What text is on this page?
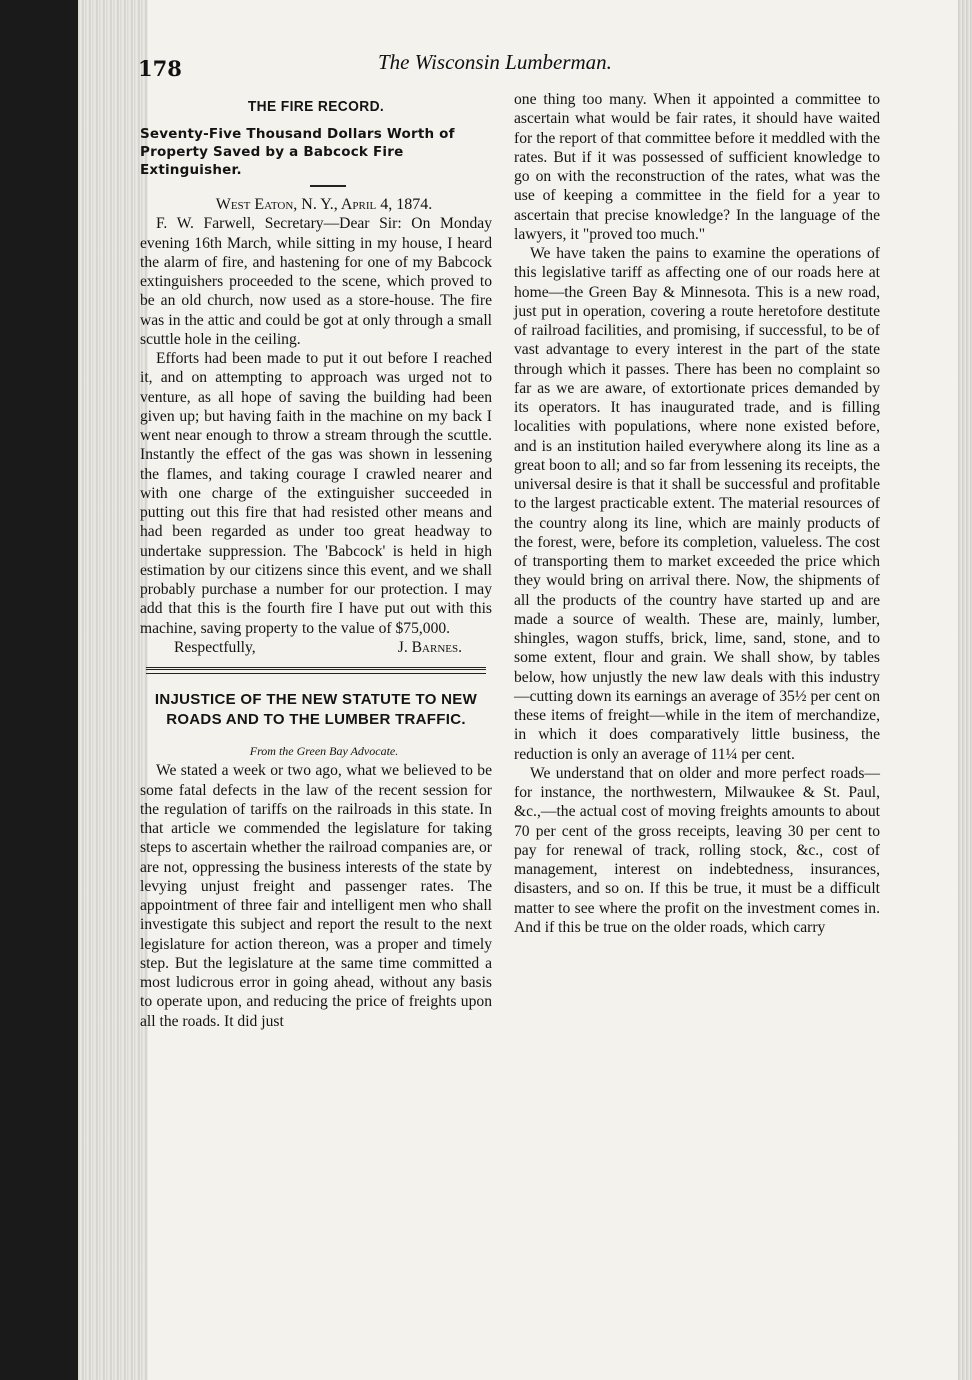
178	The Wisconsin Lumberman.
THE FIRE RECORD.
Seventy-Five Thousand Dollars Worth of Property Saved by a Babcock Fire Extinguisher.

West Eaton, N. Y., April 4, 1874.

F. W. Farwell, Secretary—Dear Sir: On Monday evening 16th March, while sitting in my house, I heard the alarm of fire, and hastening for one of my Babcock extinguishers proceeded to the scene, which proved to be an old church, now used as a store-house. The fire was in the attic and could be got at only through a small scuttle hole in the ceiling.

Efforts had been made to put it out before I reached it, and on attempting to approach was urged not to venture, as all hope of saving the building had been given up; but having faith in the machine on my back I went near enough to throw a stream through the scuttle. Instantly the effect of the gas was shown in lessening the flames, and taking courage I crawled nearer and with one charge of the extinguisher succeeded in putting out this fire that had resisted other means and had been regarded as under too great headway to undertake suppression. The 'Babcock' is held in high estimation by our citizens since this event, and we shall probably purchase a number for our protection. I may add that this is the fourth fire I have put out with this machine, saving property to the value of $75,000.

Respectfully,	J. Barnes.
INJUSTICE OF THE NEW STATUTE TO NEW ROADS AND TO THE LUMBER TRAFFIC.

From the Green Bay Advocate.

We stated a week or two ago, what we believed to be some fatal defects in the law of the recent session for the regulation of tariffs on the railroads in this state. In that article we commended the legislature for taking steps to ascertain whether the railroad companies are, or are not, oppressing the business interests of the state by levying unjust freight and passenger rates. The appointment of three fair and intelligent men who shall investigate this subject and report the result to the next legislature for action thereon, was a proper and timely step. But the legislature at the same time committed a most ludicrous error in going ahead, without any basis to operate upon, and reducing the price of freights upon all the roads. It did just

one thing too many. When it appointed a committee to ascertain what would be fair rates, it should have waited for the report of that committee before it meddled with the rates. But if it was possessed of sufficient knowledge to go on with the reconstruction of the rates, what was the use of keeping a committee in the field for a year to ascertain that precise knowledge? In the language of the lawyers, it "proved too much."

We have taken the pains to examine the operations of this legislative tariff as affecting one of our roads here at home—the Green Bay & Minnesota. This is a new road, just put in operation, covering a route heretofore destitute of railroad facilities, and promising, if successful, to be of vast advantage to every interest in the part of the state through which it passes. There has been no complaint so far as we are aware, of extortionate prices demanded by its operators. It has inaugurated trade, and is filling localities with populations, where none existed before, and is an institution hailed everywhere along its line as a great boon to all; and so far from lessening its receipts, the universal desire is that it shall be successful and profitable to the largest practicable extent. The material resources of the country along its line, which are mainly products of the forest, were, before its completion, valueless. The cost of transporting them to market exceeded the price which they would bring on arrival there. Now, the shipments of all the products of the country have started up and are made a source of wealth. These are, mainly, lumber, shingles, wagon stuffs, brick, lime, sand, stone, and to some extent, flour and grain. We shall show, by tables below, how unjustly the new law deals with this industry—cutting down its earnings an average of 35½ per cent on these items of freight—while in the item of merchandize, in which it does comparatively little business, the reduction is only an average of 11¼ per cent.

We understand that on older and more perfect roads—for instance, the northwestern, Milwaukee & St. Paul, &c.,—the actual cost of moving freights amounts to about 70 per cent of the gross receipts, leaving 30 per cent to pay for renewal of track, rolling stock, &c., cost of management, interest on indebtedness, insurances, disasters, and so on. If this be true, it must be a difficult matter to see where the profit on the investment comes in. And if this be true on the older roads, which carry
